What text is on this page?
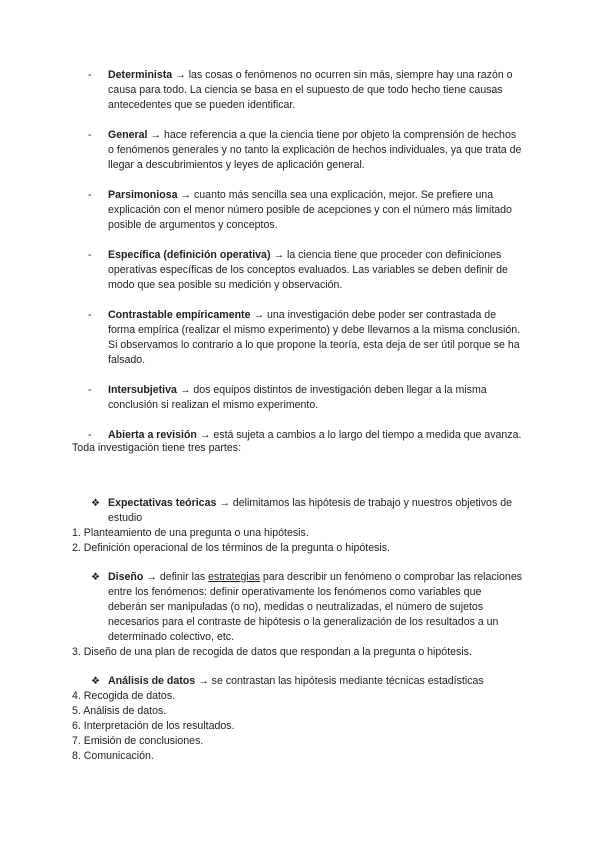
- Determinista → las cosas o fenómenos no ocurren sin más, siempre hay una razón o causa para todo. La ciencia se basa en el supuesto de que todo hecho tiene causas antecedentes que se pueden identificar.
- General → hace referencia a que la ciencia tiene por objeto la comprensión de hechos o fenómenos generales y no tanto la explicación de hechos individuales, ya que trata de llegar a descubrimientos y leyes de aplicación general.
- Parsimoniosa → cuanto más sencilla sea una explicación, mejor. Se prefiere una explicación con el menor número posible de acepciones y con el número más limitado posible de argumentos y conceptos.
- Específica (definición operativa) → la ciencia tiene que proceder con definiciones operativas específicas de los conceptos evaluados. Las variables se deben definir de modo que sea posible su medición y observación.
- Contrastable empíricamente → una investigación debe poder ser contrastada de forma empírica (realizar el mismo experimento) y debe llevarnos a la misma conclusión. Si observamos lo contrario a lo que propone la teoría, esta deja de ser útil porque se ha falsado.
- Intersubjetiva → dos equipos distintos de investigación deben llegar a la misma conclusión si realizan el mismo experimento.
- Abierta a revisión → está sujeta a cambios a lo largo del tiempo a medida que avanza.
Toda investigación tiene tres partes:
❖ Expectativas teóricas → delimitamos las hipótesis de trabajo y nuestros objetivos de estudio
1. Planteamiento de una pregunta o una hipótesis.
2. Definición operacional de los términos de la pregunta o hipótesis.
❖ Diseño → definir las estrategias para describir un fenómeno o comprobar las relaciones entre los fenómenos: definir operativamente los fenómenos como variables que deberán ser manipuladas (o no), medidas o neutralizadas, el número de sujetos necesarios para el contraste de hipótesis o la generalización de los resultados a un determinado colectivo, etc.
3. Diseño de una plan de recogida de datos que respondan a la pregunta o hipótesis.
❖ Análisis de datos → se contrastan las hipótesis mediante técnicas estadísticas
4. Recogida de datos.
5. Análisis de datos.
6. Interpretación de los resultados.
7. Emisión de conclusiones.
8. Comunicación.
